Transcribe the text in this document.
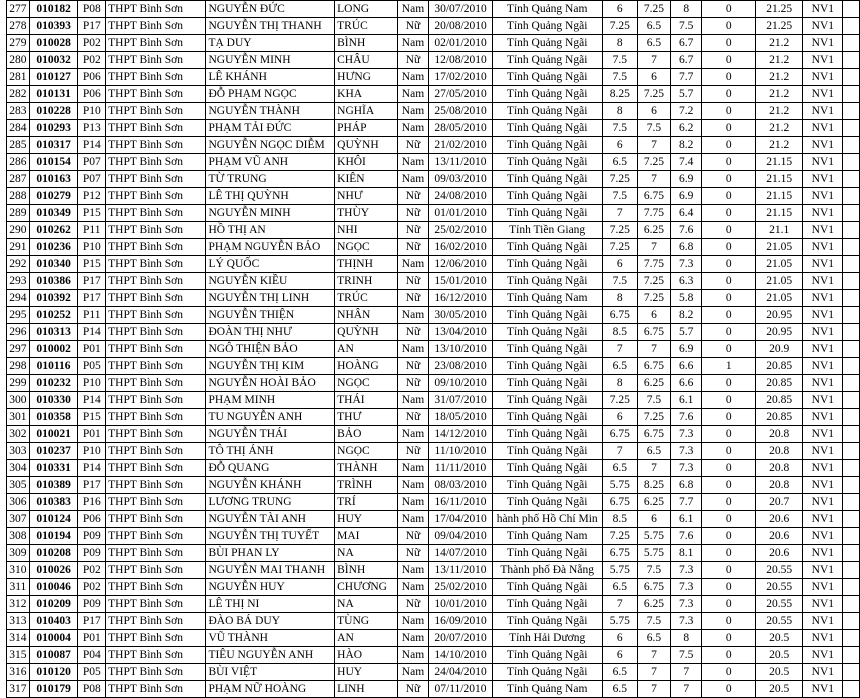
277	010182	P08	THPT Bình Sơn	NGUYỄN ĐỨC	LONG	Nam	30/07/2010	Tỉnh Quảng Nam	6	7.25	8	0	21.25	NV1	
278	010393	P17	THPT Bình Sơn	NGUYỄN THỊ THANH	TRÚC	Nữ	20/08/2010	Tỉnh Quảng Ngãi	7.25	6.5	7.5	0	21.25	NV1	
279	010028	P02	THPT Bình Sơn	TẠ DUY	BÌNH	Nam	02/01/2010	Tỉnh Quảng Ngãi	8	6.5	6.7	0	21.2	NV1	
280	010032	P02	THPT Bình Sơn	NGUYỄN MINH	CHÂU	Nữ	12/08/2010	Tỉnh Quảng Ngãi	7.5	7	6.7	0	21.2	NV1	
281	010127	P06	THPT Bình Sơn	LÊ KHÁNH	HƯNG	Nam	17/02/2010	Tỉnh Quảng Ngãi	7.5	6	7.7	0	21.2	NV1	
282	010131	P06	THPT Bình Sơn	ĐỖ PHẠM NGỌC	KHA	Nam	27/05/2010	Tỉnh Quảng Ngãi	8.25	7.25	5.7	0	21.2	NV1	
283	010228	P10	THPT Bình Sơn	NGUYỄN THÀNH	NGHĨA	Nam	25/08/2010	Tỉnh Quảng Ngãi	8	6	7.2	0	21.2	NV1	
284	010293	P13	THPT Bình Sơn	PHẠM TẢI ĐỨC	PHÁP	Nam	28/05/2010	Tỉnh Quảng Ngãi	7.5	7.5	6.2	0	21.2	NV1	
285	010317	P14	THPT Bình Sơn	NGUYỄN NGỌC DIỄM	QUỲNH	Nữ	21/02/2010	Tỉnh Quảng Ngãi	6	7	8.2	0	21.2	NV1	
286	010154	P07	THPT Bình Sơn	PHẠM VŨ ANH	KHÔI	Nam	13/11/2010	Tỉnh Quảng Ngãi	6.5	7.25	7.4	0	21.15	NV1	
287	010163	P07	THPT Bình Sơn	TỪ TRUNG	KIÊN	Nam	09/03/2010	Tỉnh Quảng Ngãi	7.25	7	6.9	0	21.15	NV1	
288	010279	P12	THPT Bình Sơn	LÊ THỊ QUỲNH	NHƯ	Nữ	24/08/2010	Tỉnh Quảng Ngãi	7.5	6.75	6.9	0	21.15	NV1	
289	010349	P15	THPT Bình Sơn	NGUYỄN MINH	THÙY	Nữ	01/01/2010	Tỉnh Quảng Ngãi	7	7.75	6.4	0	21.15	NV1	
290	010262	P11	THPT Bình Sơn	HỒ THỊ AN	NHI	Nữ	25/02/2010	Tỉnh Tiền Giang	7.25	6.25	7.6	0	21.1	NV1	
291	010236	P10	THPT Bình Sơn	PHẠM NGUYỄN BẢO	NGỌC	Nữ	16/02/2010	Tỉnh Quảng Ngãi	7.25	7	6.8	0	21.05	NV1	
292	010340	P15	THPT Bình Sơn	LÝ QUỐC	THỊNH	Nam	12/06/2010	Tỉnh Quảng Ngãi	6	7.75	7.3	0	21.05	NV1	
293	010386	P17	THPT Bình Sơn	NGUYỄN KIỀU	TRINH	Nữ	15/01/2010	Tỉnh Quảng Ngãi	7.5	7.25	6.3	0	21.05	NV1	
294	010392	P17	THPT Bình Sơn	NGUYỄN THỊ LINH	TRÚC	Nữ	16/12/2010	Tỉnh Quảng Nam	8	7.25	5.8	0	21.05	NV1	
295	010252	P11	THPT Bình Sơn	NGUYỄN THIỆN	NHÂN	Nam	30/05/2010	Tỉnh Quảng Ngãi	6.75	6	8.2	0	20.95	NV1	
296	010313	P14	THPT Bình Sơn	ĐOÀN THỊ NHƯ	QUỲNH	Nữ	13/04/2010	Tỉnh Quảng Ngãi	8.5	6.75	5.7	0	20.95	NV1	
297	010002	P01	THPT Bình Sơn	NGÔ THIỆN BẢO	AN	Nam	13/10/2010	Tỉnh Quảng Ngãi	7	7	6.9	0	20.9	NV1	
298	010116	P05	THPT Bình Sơn	NGUYỄN THỊ KIM	HOÀNG	Nữ	23/08/2010	Tỉnh Quảng Ngãi	6.5	6.75	6.6	1	20.85	NV1	
299	010232	P10	THPT Bình Sơn	NGUYỄN HOÀI BẢO	NGỌC	Nữ	09/10/2010	Tỉnh Quảng Ngãi	8	6.25	6.6	0	20.85	NV1	
300	010330	P14	THPT Bình Sơn	PHẠM MINH	THÁI	Nam	31/07/2010	Tỉnh Quảng Ngãi	7.25	7.5	6.1	0	20.85	NV1	
301	010358	P15	THPT Bình Sơn	TU NGUYỄN ANH	THƯ	Nữ	18/05/2010	Tỉnh Quảng Ngãi	6	7.25	7.6	0	20.85	NV1	
302	010021	P01	THPT Bình Sơn	NGUYỄN THÁI	BẢO	Nam	14/12/2010	Tỉnh Quảng Ngãi	6.75	6.75	7.3	0	20.8	NV1	
303	010237	P10	THPT Bình Sơn	TÔ THỊ ÁNH	NGỌC	Nữ	11/10/2010	Tỉnh Quảng Ngãi	7	6.5	7.3	0	20.8	NV1	
304	010331	P14	THPT Bình Sơn	ĐỖ QUANG	THÀNH	Nam	11/11/2010	Tỉnh Quảng Ngãi	6.5	7	7.3	0	20.8	NV1	
305	010389	P17	THPT Bình Sơn	NGUYỄN KHÁNH	TRÌNH	Nam	08/03/2010	Tỉnh Quảng Ngãi	5.75	8.25	6.8	0	20.8	NV1	
306	010383	P16	THPT Bình Sơn	LƯƠNG TRUNG	TRÍ	Nam	16/11/2010	Tỉnh Quảng Ngãi	6.75	6.25	7.7	0	20.7	NV1	
307	010124	P06	THPT Bình Sơn	NGUYỄN TÀI ANH	HUY	Nam	17/04/2010	hành phố Hồ Chí Min	8.5	6	6.1	0	20.6	NV1	
308	010194	P09	THPT Bình Sơn	NGUYỄN THỊ TUYẾT	MAI	Nữ	09/04/2010	Tỉnh Quảng Nam	7.25	5.75	7.6	0	20.6	NV1	
309	010208	P09	THPT Bình Sơn	BÙI PHAN LY	NA	Nữ	14/07/2010	Tỉnh Quảng Ngãi	6.75	5.75	8.1	0	20.6	NV1	
310	010026	P02	THPT Bình Sơn	NGUYỄN MAI THANH	BÌNH	Nam	13/11/2010	Thành phố Đà Nẵng	5.75	7.5	7.3	0	20.55	NV1	
311	010046	P02	THPT Bình Sơn	NGUYỄN HUY	CHƯƠNG	Nam	25/02/2010	Tỉnh Quảng Ngãi	6.5	6.75	7.3	0	20.55	NV1	
312	010209	P09	THPT Bình Sơn	LÊ THỊ NI	NA	Nữ	10/01/2010	Tỉnh Quảng Ngãi	7	6.25	7.3	0	20.55	NV1	
313	010403	P17	THPT Bình Sơn	ĐÀO BÁ DUY	TÙNG	Nam	16/09/2010	Tỉnh Quảng Ngãi	5.75	7.5	7.3	0	20.55	NV1	
314	010004	P01	THPT Bình Sơn	VŨ THÀNH	AN	Nam	20/07/2010	Tỉnh Hải Dương	6	6.5	8	0	20.5	NV1	
315	010087	P04	THPT Bình Sơn	TIÊU NGUYỄN ANH	HÀO	Nam	14/10/2010	Tỉnh Quảng Ngãi	6	7	7.5	0	20.5	NV1	
316	010120	P05	THPT Bình Sơn	BÙI VIỆT	HUY	Nam	24/04/2010	Tỉnh Quảng Ngãi	6.5	7	7	0	20.5	NV1	
317	010179	P08	THPT Bình Sơn	PHẠM NỮ HOÀNG	LINH	Nữ	07/11/2010	Tỉnh Quảng Nam	6.5	7	7	0	20.5	NV1	
